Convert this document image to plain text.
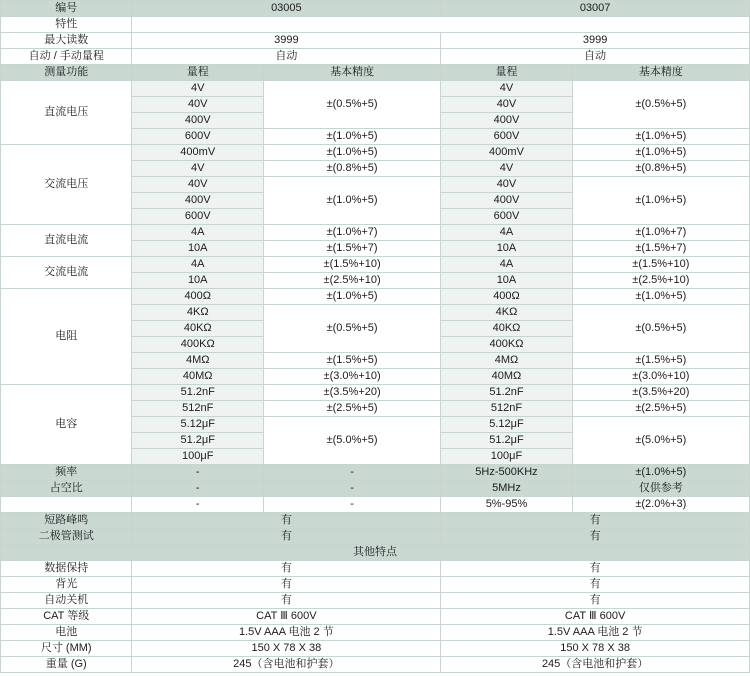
编号	03005		03007	
特性				
最大读数	3999		3999	
自动 / 手动量程	自动		自动	
测量功能	量程	基本精度	量程	基本精度
直流电压	4V	±(0.5%+5)	4V	±(0.5%+5)
	40V		40V	
	400V		400V	
	600V	±(1.0%+5)	600V	±(1.0%+5)
交流电压	400mV	±(1.0%+5)	400mV	±(1.0%+5)
	4V	±(0.8%+5)	4V	±(0.8%+5)
	40V	±(1.0%+5)	40V	±(1.0%+5)
	400V		400V	
	600V		600V	
直流电流	4A	±(1.0%+7)	4A	±(1.0%+7)
	10A	±(1.5%+7)	10A	±(1.5%+7)
交流电流	4A	±(1.5%+10)	4A	±(1.5%+10)
	10A	±(2.5%+10)	10A	±(2.5%+10)
电阻	400Ω	±(1.0%+5)	400Ω	±(1.0%+5)
	4KΩ	±(0.5%+5)	4KΩ	±(0.5%+5)
	40KΩ		40KΩ	
	400KΩ		400KΩ	
	4MΩ	±(1.5%+5)	4MΩ	±(1.5%+5)
	40MΩ	±(3.0%+10)	40MΩ	±(3.0%+10)
电容	51.2nF	±(3.5%+20)	51.2nF	±(3.5%+20)
	512nF	±(2.5%+5)	512nF	±(2.5%+5)
	5.12μF	±(5.0%+5)	5.12μF	±(5.0%+5)
	51.2μF		51.2μF	
	100μF		100μF	
频率	-	-	5Hz-500KHz	±(1.0%+5)
占空比	-	-	5MHz	仅供参考
	-	-	5%-95%	±(2.0%+3)
短路峰鸣	有		有	
二极管测试	有		有	
其他特点				
数据保持	有		有	
背光	有		有	
自动关机	有		有	
CAT 等级	CAT Ⅲ 600V		CAT Ⅲ 600V	
电池	1.5V AAA 电池 2 节		1.5V AAA 电池 2 节	
尺寸 (MM)	150 X 78 X 38		150 X 78 X 38	
重量 (G)	245（含电池和护套）		245（含电池和护套）	
